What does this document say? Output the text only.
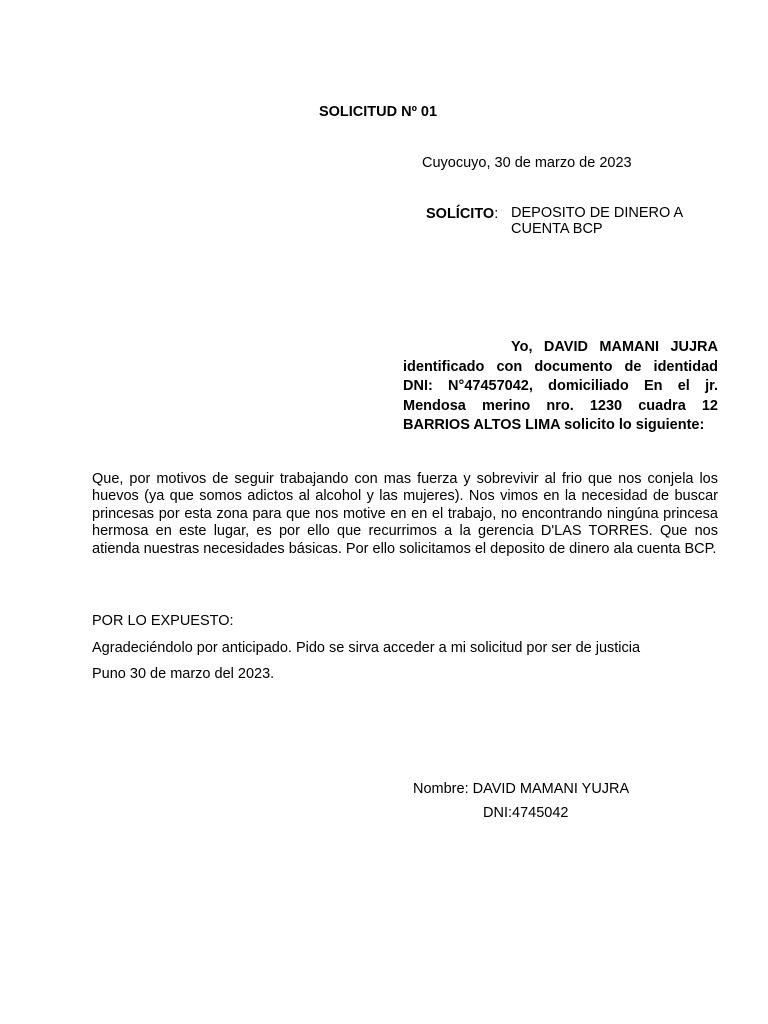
SOLICITUD Nº 01
Cuyocuyo, 30 de marzo de 2023
SOLÍCITO: DEPOSITO DE DINERO A CUENTA BCP
Yo, DAVID MAMANI JUJRA identificado con documento de identidad DNI: N°47457042, domiciliado En el jr. Mendosa merino nro. 1230 cuadra 12 BARRIOS ALTOS LIMA solicito lo siguiente:
Que, por motivos de seguir trabajando con mas fuerza y sobrevivir al frio que nos conjela los huevos (ya que somos adictos al alcohol y las mujeres). Nos vimos en la necesidad de buscar princesas por esta zona para que nos motive en en el trabajo, no encontrando ningúna princesa hermosa en este lugar, es por ello que recurrimos a la gerencia D'LAS TORRES. Que nos atienda nuestras necesidades básicas. Por ello solicitamos el deposito de dinero ala cuenta BCP.
POR LO EXPUESTO:
Agradeciéndolo por anticipado. Pido se sirva acceder a mi solicitud por ser de justicia
Puno 30 de marzo del 2023.
Nombre: DAVID MAMANI YUJRA
DNI:4745042
